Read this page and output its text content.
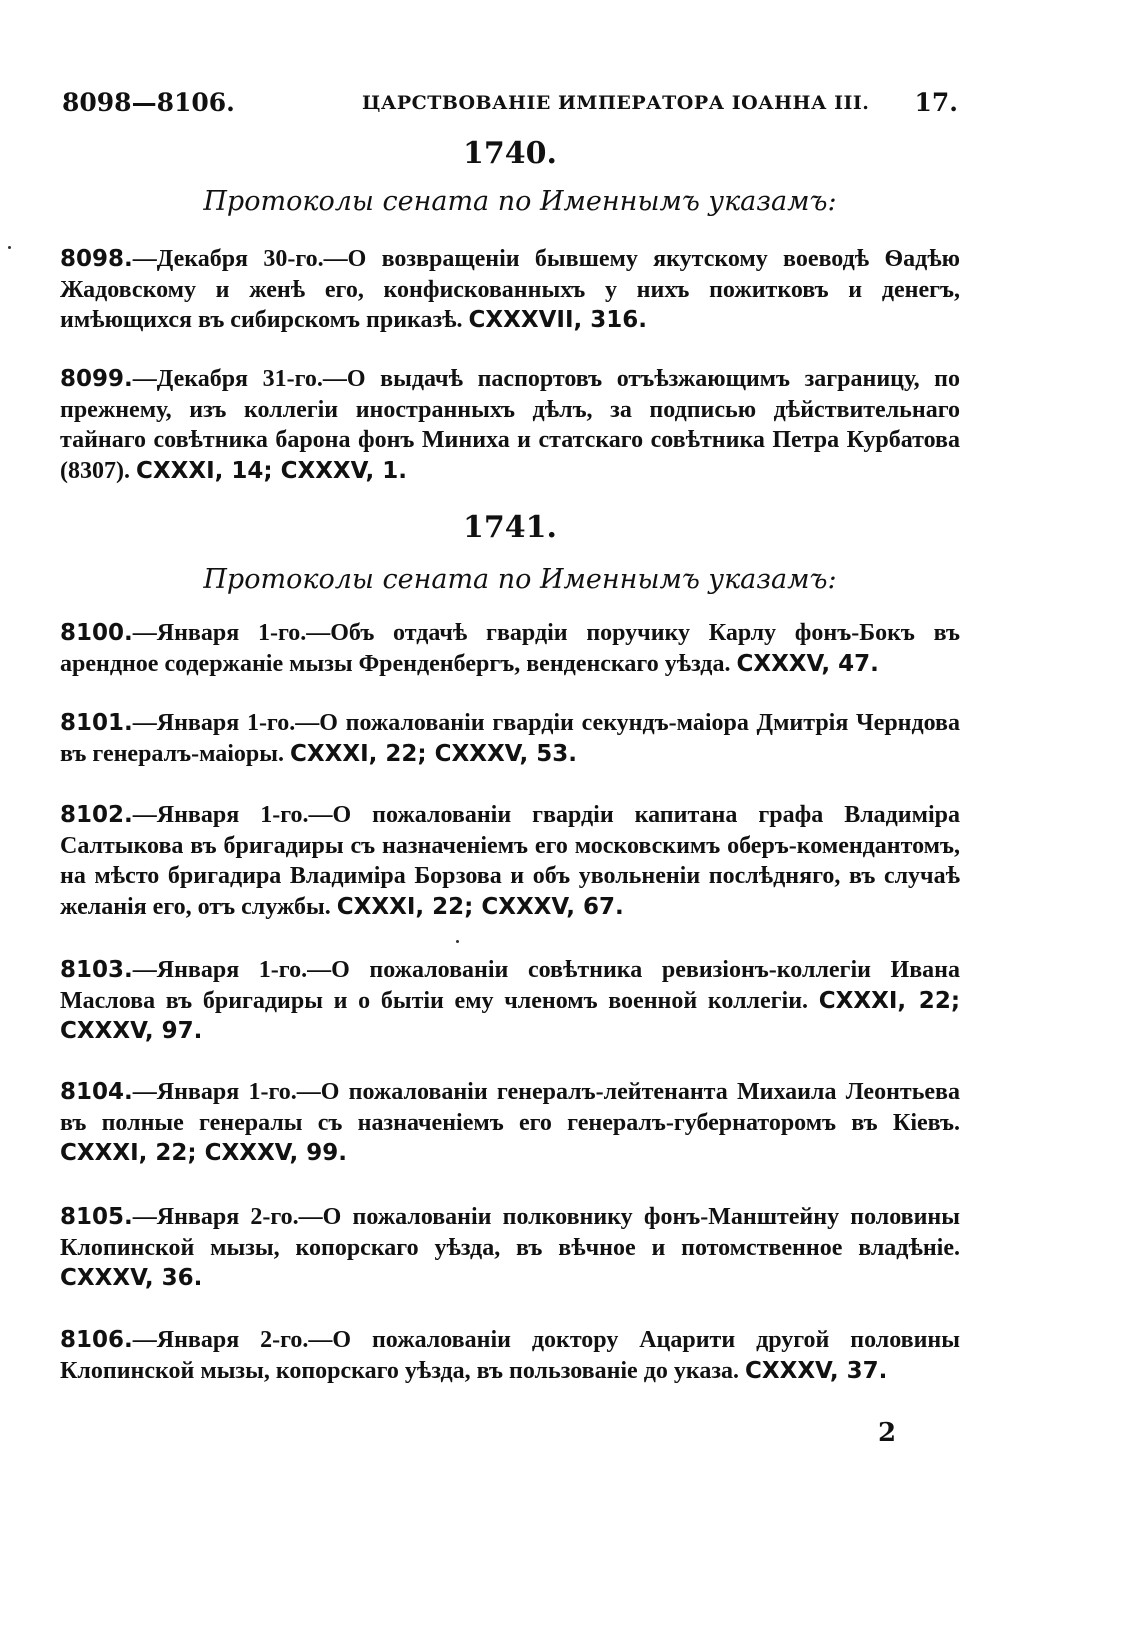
8098—8106.	ЦАРСТВОВАНІЕ ИМПЕРАТОРА ІОАННА III. 17.
1740.
Протоколы сената по Именнымъ указамъ:

8098.—Декабря 30-го.—О возвращеніи бывшему якутскому воеводѣ Ѳадѣю Жадовскому и женѣ его, конфискованныхъ у нихъ пожитковъ и денегъ, имѣющихся въ сибирскомъ приказѣ. CXXXVII, 316.

8099.—Декабря 31-го.—О выдачѣ паспортовъ отъѣзжающимъ заграницу, по прежнему, изъ коллегіи иностранныхъ дѣлъ, за подписью дѣйствительнаго тайнаго совѣтника барона фонъ Миниха и статскаго совѣтника Петра Курбатова (8307). CXXXI, 14; CXXXV, 1.

1741.
Протоколы сената по Именнымъ указамъ:

8100.—Января 1-го.—Объ отдачѣ гвардіи поручику Карлу фонъ-Бокъ въ арендное содержаніе мызы Френденбергъ, венденскаго уѣзда. CXXXV, 47.

8101.—Января 1-го.—О пожалованіи гвардіи секундъ-маіора Дмитрія Черндова въ генералъ-маіоры. CXXXI, 22; CXXXV, 53.

8102.—Января 1-го.—О пожалованіи гвардіи капитана графа Владиміра Салтыкова въ бригадиры съ назначеніемъ его московскимъ оберъ-комендантомъ, на мѣсто бригадира Владиміра Борзова и объ увольненіи послѣдняго, въ случаѣ желанія его, отъ службы. CXXXI, 22; CXXXV, 67.

8103.—Января 1-го.—О пожалованіи совѣтника ревизіонъ-коллегіи Ивана Маслова въ бригадиры и о бытіи ему членомъ военной коллегіи. CXXXI, 22; CXXXV, 97.

8104.—Января 1-го.—О пожалованіи генералъ-лейтенанта Михаила Леонтьева въ полные генералы съ назначеніемъ его генералъ-губернаторомъ въ Кіевъ. CXXXI, 22; CXXXV, 99.

8105.—Января 2-го.—О пожалованіи полковнику фонъ-Манштейну половины Клопинской мызы, копорскаго уѣзда, въ вѣчное и потомственное владѣніе. CXXXV, 36.

8106.—Января 2-го.—О пожалованіи доктору Ацарити другой половины Клопинской мызы, копорскаго уѣзда, въ пользованіе до указа. CXXXV, 37.

2
